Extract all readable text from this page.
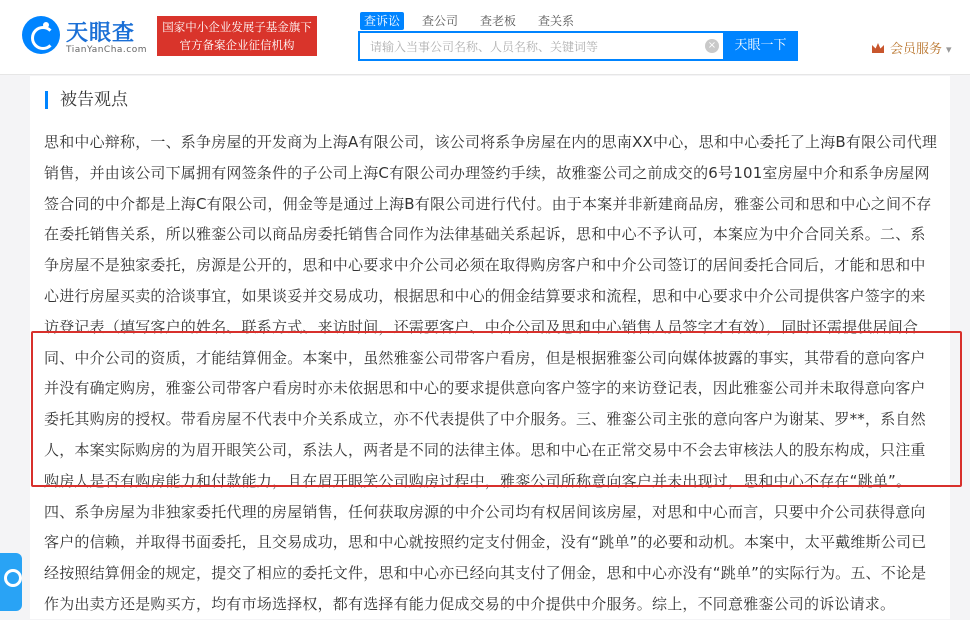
天眼查
TianYanCha.com
国家中小企业发展子基金旗下
官方备案企业征信机构
查诉讼	查公司	查老板	查关系
请输入当事公司名称、人员名称、关键词等
×	天眼一下	会员服务 ▾
被告观点
思和中心辩称，一、系争房屋的开发商为上海A有限公司，该公司将系争房屋在内的思南XX中心，思和中心委托了上海B有限公司代理销售，并由该公司下属拥有网签条件的子公司上海C有限公司办理签约手续，故雅銮公司之前成交的6号101室房屋中介和系争房屋网签合同的中介都是上海C有限公司，佣金等是通过上海B有限公司进行代付。由于本案并非新建商品房，雅銮公司和思和中心之间不存在委托销售关系，所以雅銮公司以商品房委托销售合同作为法律基础关系起诉，思和中心不予认可，本案应为中介合同关系。二、系争房屋不是独家委托，房源是公开的，思和中心要求中介公司必须在取得购房客户和中介公司签订的居间委托合同后，才能和思和中心进行房屋买卖的洽谈事宜，如果谈妥并交易成功，根据思和中心的佣金结算要求和流程，思和中心要求中介公司提供客户签字的来访登记表（填写客户的姓名、联系方式、来访时间，还需要客户、中介公司及思和中心销售人员签字才有效），同时还需提供居间合同、中介公司的资质，才能结算佣金。本案中，虽然雅銮公司带客户看房，但是根据雅銮公司向媒体披露的事实，其带看的意向客户并没有确定购房，雅銮公司带客户看房时亦未依据思和中心的要求提供意向客户签字的来访登记表，因此雅銮公司并未取得意向客户委托其购房的授权。带看房屋不代表中介关系成立，亦不代表提供了中介服务。三、雅銮公司主张的意向客户为谢某、罗**，系自然人，本案实际购房的为眉开眼笑公司，系法人，两者是不同的法律主体。思和中心在正常交易中不会去审核法人的股东构成，只注重购房人是否有购房能力和付款能力，且在眉开眼笑公司购房过程中，雅銮公司所称意向客户并未出现过，思和中心不存在“跳单”。四、系争房屋为非独家委托代理的房屋销售，任何获取房源的中介公司均有权居间该房屋，对思和中心而言，只要中介公司获得意向客户的信赖，并取得书面委托，且交易成功，思和中心就按照约定支付佣金，没有“跳单”的必要和动机。本案中，太平戴维斯公司已经按照结算佣金的规定，提交了相应的委托文件，思和中心亦已经向其支付了佣金，思和中心亦没有“跳单”的实际行为。五、不论是作为出卖方还是购买方，均有市场选择权，都有选择有能力促成交易的中介提供中介服务。综上，不同意雅銮公司的诉讼请求。
